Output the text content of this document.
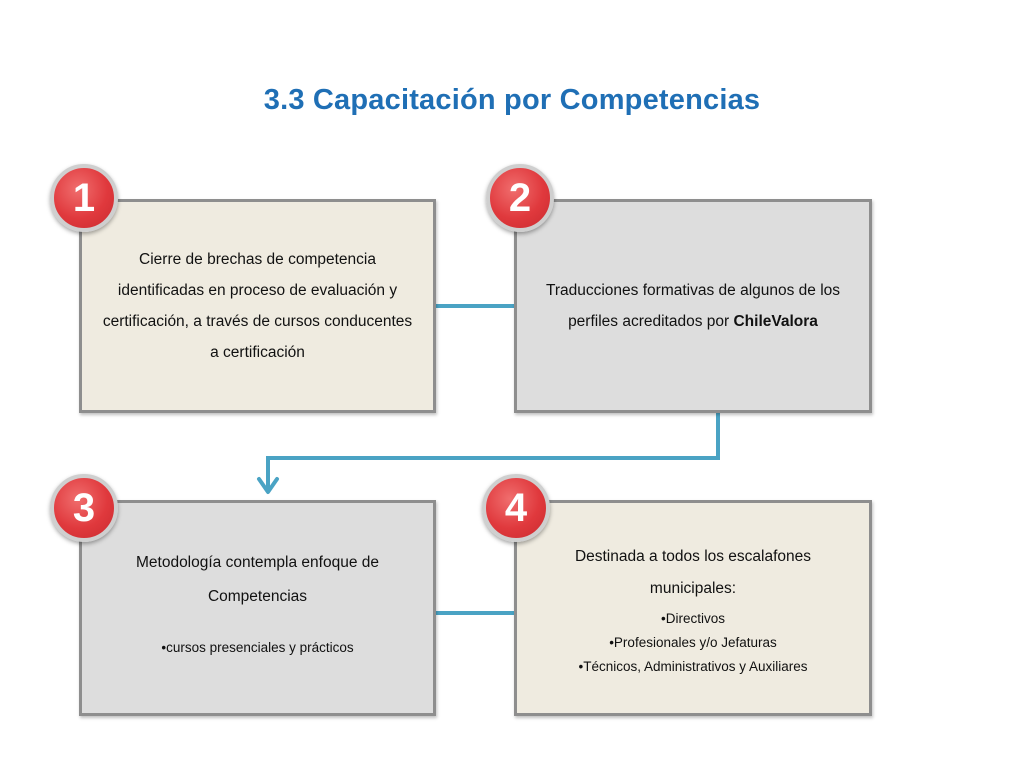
3.3 Capacitación por Competencias
Cierre de brechas de competencia identificadas en proceso de evaluación y certificación, a través de cursos conducentes a certificación
Traducciones formativas de algunos de los perfiles acreditados por ChileValora
Metodología contempla enfoque de Competencias
•cursos presenciales y prácticos
Destinada a todos los escalafones municipales:
•Directivos
•Profesionales y/o Jefaturas
•Técnicos, Administrativos y Auxiliares
1	2
3	4
